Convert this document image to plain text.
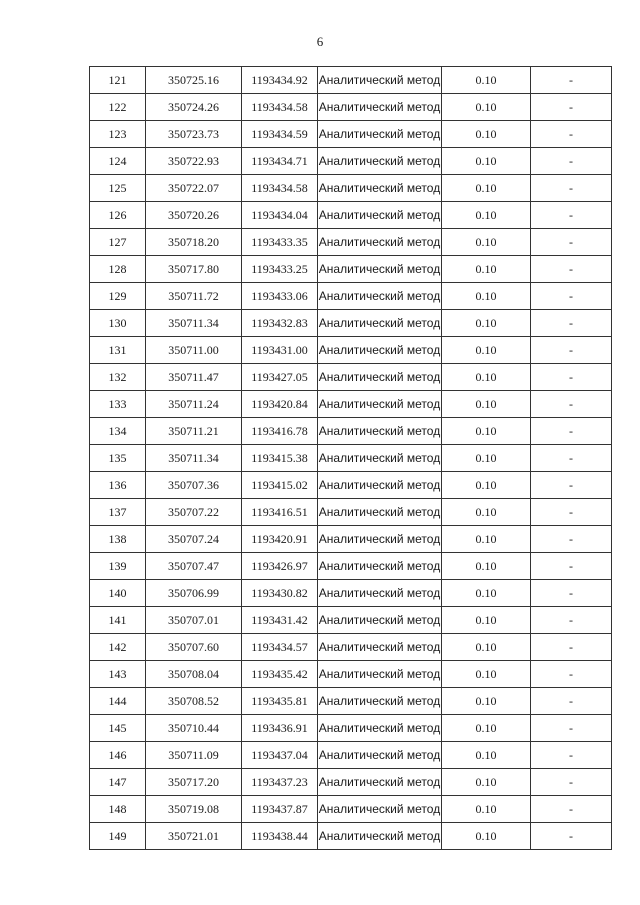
6
121	350725.16	1193434.92	Аналитический метод	0.10	-
122	350724.26	1193434.58	Аналитический метод	0.10	-
123	350723.73	1193434.59	Аналитический метод	0.10	-
124	350722.93	1193434.71	Аналитический метод	0.10	-
125	350722.07	1193434.58	Аналитический метод	0.10	-
126	350720.26	1193434.04	Аналитический метод	0.10	-
127	350718.20	1193433.35	Аналитический метод	0.10	-
128	350717.80	1193433.25	Аналитический метод	0.10	-
129	350711.72	1193433.06	Аналитический метод	0.10	-
130	350711.34	1193432.83	Аналитический метод	0.10	-
131	350711.00	1193431.00	Аналитический метод	0.10	-
132	350711.47	1193427.05	Аналитический метод	0.10	-
133	350711.24	1193420.84	Аналитический метод	0.10	-
134	350711.21	1193416.78	Аналитический метод	0.10	-
135	350711.34	1193415.38	Аналитический метод	0.10	-
136	350707.36	1193415.02	Аналитический метод	0.10	-
137	350707.22	1193416.51	Аналитический метод	0.10	-
138	350707.24	1193420.91	Аналитический метод	0.10	-
139	350707.47	1193426.97	Аналитический метод	0.10	-
140	350706.99	1193430.82	Аналитический метод	0.10	-
141	350707.01	1193431.42	Аналитический метод	0.10	-
142	350707.60	1193434.57	Аналитический метод	0.10	-
143	350708.04	1193435.42	Аналитический метод	0.10	-
144	350708.52	1193435.81	Аналитический метод	0.10	-
145	350710.44	1193436.91	Аналитический метод	0.10	-
146	350711.09	1193437.04	Аналитический метод	0.10	-
147	350717.20	1193437.23	Аналитический метод	0.10	-
148	350719.08	1193437.87	Аналитический метод	0.10	-
149	350721.01	1193438.44	Аналитический метод	0.10	-
